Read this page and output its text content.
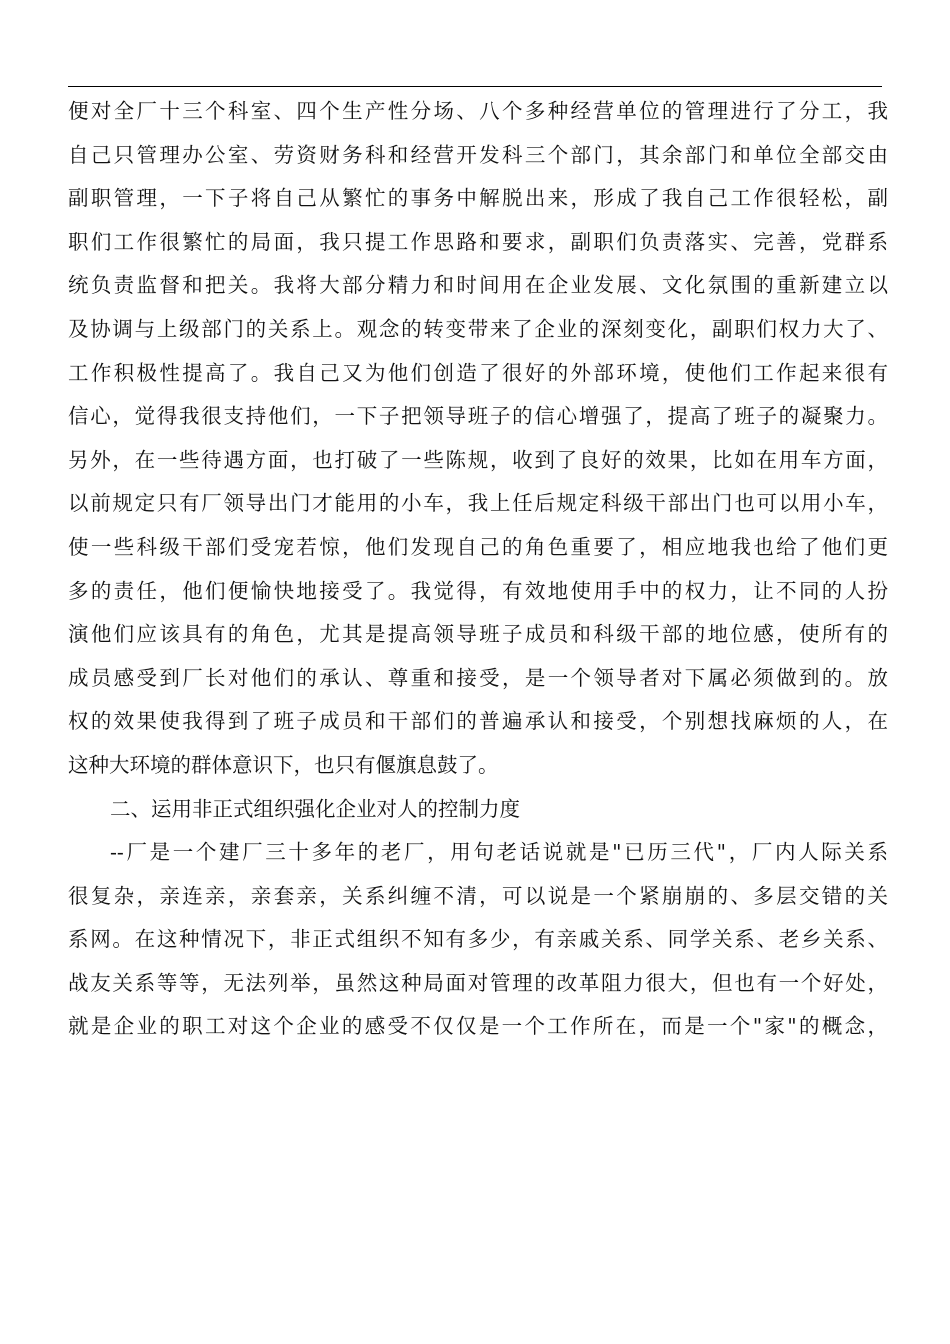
便对全厂十三个科室、四个生产性分场、八个多种经营单位的管理进行了分工，我
自己只管理办公室、劳资财务科和经营开发科三个部门，其余部门和单位全部交由
副职管理，一下子将自己从繁忙的事务中解脱出来，形成了我自己工作很轻松，副
职们工作很繁忙的局面，我只提工作思路和要求，副职们负责落实、完善，党群系
统负责监督和把关。我将大部分精力和时间用在企业发展、文化氛围的重新建立以
及协调与上级部门的关系上。观念的转变带来了企业的深刻变化，副职们权力大了、
工作积极性提高了。我自己又为他们创造了很好的外部环境，使他们工作起来很有
信心，觉得我很支持他们，一下子把领导班子的信心增强了，提高了班子的凝聚力。
另外，在一些待遇方面，也打破了一些陈规，收到了良好的效果，比如在用车方面，
以前规定只有厂领导出门才能用的小车，我上任后规定科级干部出门也可以用小车，
使一些科级干部们受宠若惊，他们发现自己的角色重要了，相应地我也给了他们更
多的责任，他们便愉快地接受了。我觉得，有效地使用手中的权力，让不同的人扮
演他们应该具有的角色，尤其是提高领导班子成员和科级干部的地位感，使所有的
成员感受到厂长对他们的承认、尊重和接受，是一个领导者对下属必须做到的。放
权的效果使我得到了班子成员和干部们的普遍承认和接受，个别想找麻烦的人，在
这种大环境的群体意识下，也只有偃旗息鼓了。
二、运用非正式组织强化企业对人的控制力度
--厂是一个建厂三十多年的老厂，用句老话说就是"已历三代"，厂内人际关系
很复杂，亲连亲，亲套亲，关系纠缠不清，可以说是一个紧崩崩的、多层交错的关
系网。在这种情况下，非正式组织不知有多少，有亲戚关系、同学关系、老乡关系、
战友关系等等，无法列举，虽然这种局面对管理的改革阻力很大，但也有一个好处，
就是企业的职工对这个企业的感受不仅仅是一个工作所在，而是一个"家"的概念，
